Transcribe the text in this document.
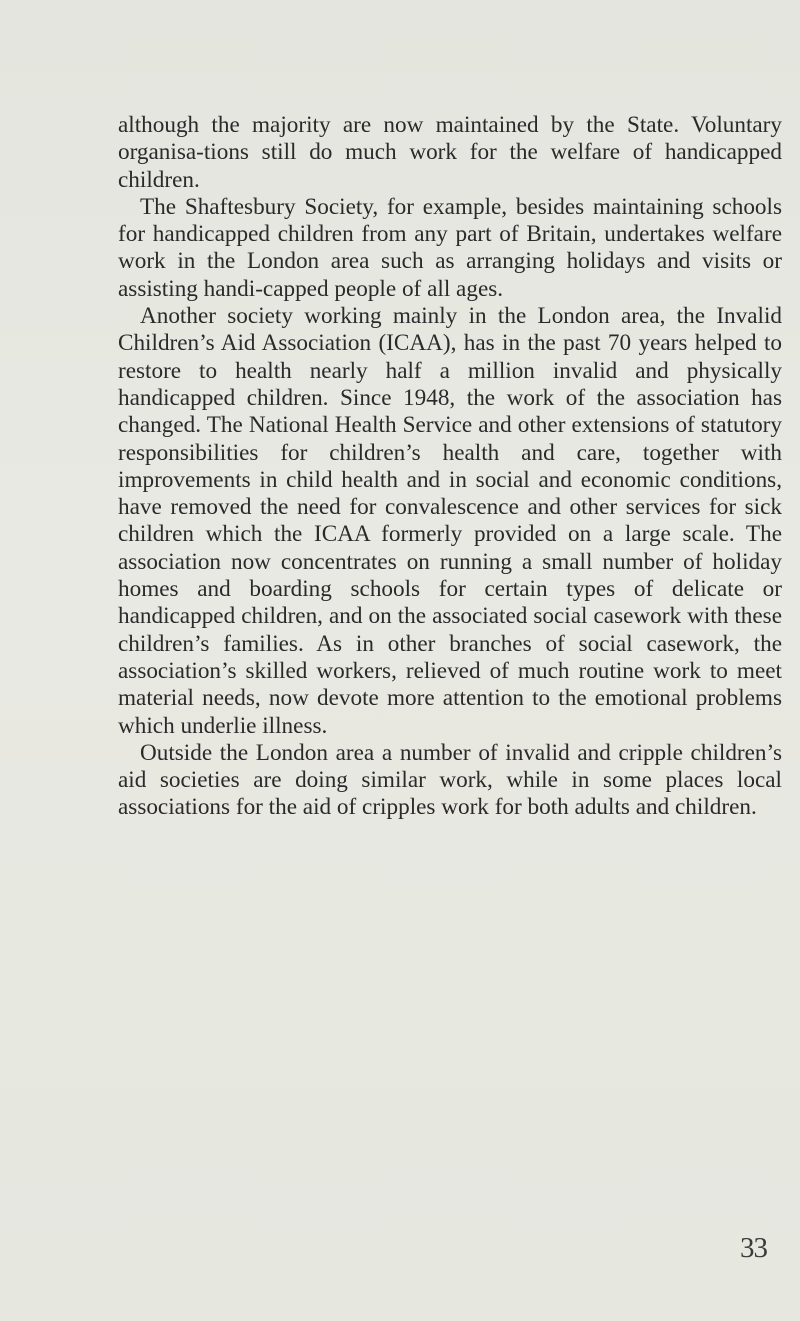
although the majority are now maintained by the State. Voluntary organisa-tions still do much work for the welfare of handicapped children.

The Shaftesbury Society, for example, besides maintaining schools for handicapped children from any part of Britain, undertakes welfare work in the London area such as arranging holidays and visits or assisting handi-capped people of all ages.

Another society working mainly in the London area, the Invalid Children’s Aid Association (ICAA), has in the past 70 years helped to restore to health nearly half a million invalid and physically handicapped children. Since 1948, the work of the association has changed. The National Health Service and other extensions of statutory responsibilities for children’s health and care, together with improvements in child health and in social and economic conditions, have removed the need for convalescence and other services for sick children which the ICAA formerly provided on a large scale. The association now concentrates on running a small number of holiday homes and boarding schools for certain types of delicate or handicapped children, and on the associated social casework with these children’s families. As in other branches of social casework, the association’s skilled workers, relieved of much routine work to meet material needs, now devote more attention to the emotional problems which underlie illness.

Outside the London area a number of invalid and cripple children’s aid societies are doing similar work, while in some places local associations for the aid of cripples work for both adults and children.

33
